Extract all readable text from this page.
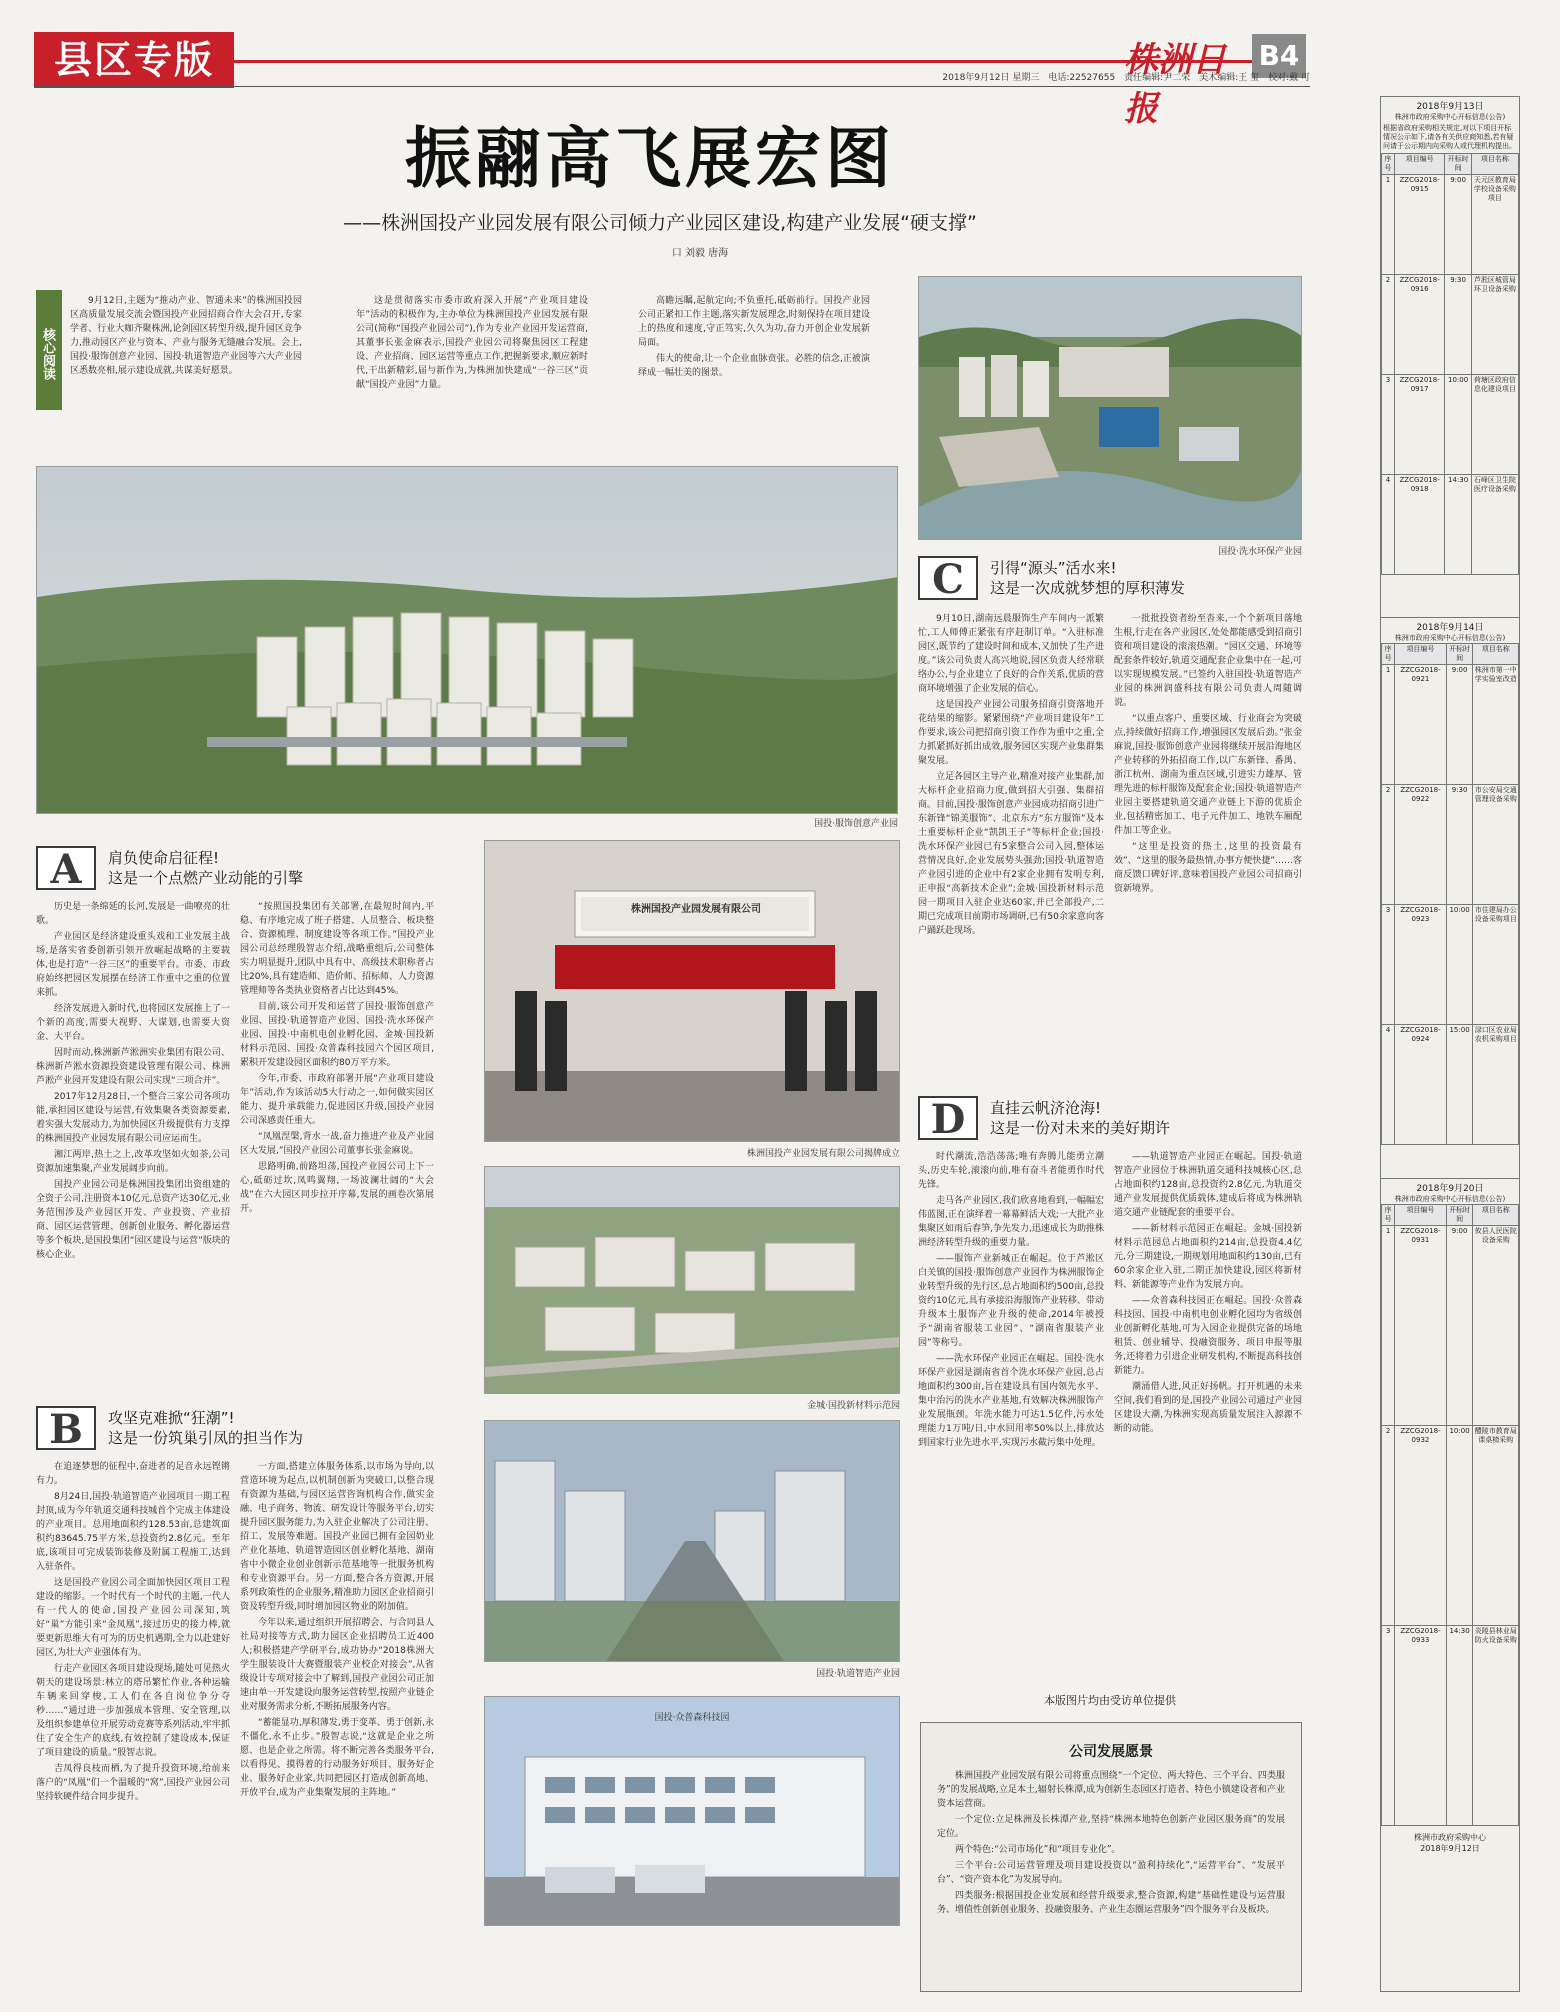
县区专版	株洲日报
B4
2018年9月12日 星期三　电话:22527655　责任编辑:尹二荣　美术编辑:王 玺　校对:戴 可
振翮高飞展宏图
——株洲国投产业园发展有限公司倾力产业园区建设,构建产业发展“硬支撑”
口 刘毅 唐海
核心阅读

9月12日,主题为“推动产业、智通未来”的株洲国投园区高质量发展交流会暨国投产业园招商合作大会召开,专家学者、行业大咖齐聚株洲,论剑园区转型升级,提升园区竞争力,推动园区产业与资本、产业与服务无缝融合发展。会上,国投·服饰创意产业园、国投·轨道智造产业园等六大产业园区悉数亮相,展示建设成就,共谋美好愿景。

这是贯彻落实市委市政府深入开展“产业项目建设年”活动的积极作为,主办单位为株洲国投产业园发展有限公司(简称“国投产业园公司”),作为专业产业园开发运营商,其董事长张金麻表示,国投产业园公司将聚焦园区工程建设、产业招商、园区运营等重点工作,把握新要求,顺应新时代,干出新精彩,届与新作为,为株洲加快建成“一谷三区”贡献“国投产业园”力量。

高瞻远瞩,起航定向;不负重托,砥砺前行。国投产业园公司正紧扣工作主题,落实新发展理念,时刻保持在项目建设上的热度和速度,守正笃实,久久为功,奋力开创企业发展新局面。

伟大的使命,让一个企业血脉贲张。必胜的信念,正被演绎成一幅壮美的图景。

国投·洗水环保产业园
国投·服饰创意产业园
A	肩负使命启征程!
这是一个点燃产业动能的引擎

历史是一条绵延的长河,发展是一曲嘹亮的壮歌。

产业园区是经济建设重头戏和工业发展主战场,是落实省委创新引领开放崛起战略的主要载体,也是打造“一谷三区”的重要平台。市委、市政府始终把园区发展摆在经济工作重中之重的位置来抓。

经济发展进入新时代,也将园区发展推上了一个新的高度,需要大视野、大谋划,也需要大资金、大平台。

因时而动,株洲新芦淞洲实业集团有限公司、株洲新芦淞水资源投资建设管理有限公司、株洲芦淞产业园开发建设有限公司实现“三项合并”。

2017年12月28日,一个整合三家公司各项功能,承担园区建设与运营,有效集聚各类资源要素,着实强大发展动力,为加快园区升级提供有力支撑的株洲国投产业园发展有限公司应运而生。

湘江两岸,热土之上,改革攻坚如火如荼,公司资源加速集聚,产业发展阔步向前。

国投产业园公司是株洲国投集团出资组建的全资子公司,注册资本10亿元,总资产达30亿元,业务范围涉及产业园区开发、产业投资、产业招商、园区运营管理、创新创业服务、孵化器运营等多个板块,是国投集团“园区建设与运营”版块的核心企业。

“按照国投集团有关部署,在最短时间内,平稳、有序地完成了班子搭建、人员整合、板块整合、资源梳理、制度建设等各项工作。”国投产业园公司总经理殷智志介绍,战略重组后,公司整体实力明显提升,团队中具有中、高级技术职称者占比20%,具有建造师、造价师、招标师、人力资源管理师等各类执业资格者占比达到45%。

目前,该公司开发和运营了国投·服饰创意产业园、国投·轨道智造产业园、国投·洗水环保产业园、国投·中南机电创业孵化园、金城·国投新材料示范园、国投·众普森科技园六个园区项目,累积开发建设园区面积约80万平方米。

今年,市委、市政府部署开展“产业项目建设年”活动,作为该活动5大行动之一,如何做实园区能力、提升承载能力,促进园区升级,国投产业园公司深感责任重大。

“凤凰涅槃,背水一战,奋力推进产业及产业园区大发展,”国投产业园公司董事长张金麻说。

思路明确,前路坦荡,国投产业园公司上下一心,砥砺过坎,凤鸣翼翔,一场波澜壮阔的“大会战”在六大园区同步拉开序幕,发展的画卷次第展开。

株洲国投产业园发展有限公司
株洲国投产业园发展有限公司揭牌成立
金城·国投新材料示范园
国投·轨道智造产业园
国投·众普森科技园
B	攻坚克难掀“狂潮”!
这是一份筑巢引凤的担当作为

在追逐梦想的征程中,奋进者的足音永远铿锵有力。

8月24日,国投·轨道智造产业园项目一期工程封顶,成为今年轨道交通科技城首个完成主体建设的产业项目。总用地面积约128.53亩,总建筑面积约83645.75平方米,总投资约2.8亿元。至年底,该项目可完成装饰装修及附属工程施工,达到入驻条件。

这是国投产业园公司全面加快园区项目工程建设的缩影。一个时代有一个时代的主题,一代人有一代人的使命,国投产业园公司深知,筑好“巢”方能引来“金凤凰”,接过历史的接力棒,就要更新思维大有可为的历史机遇期,全力以赴建好园区,为壮大产业强体有为。

行走产业园区各项目建设现场,随处可见热火朝天的建设场景:林立的塔吊繁忙作业,各种运输车辆来回穿梭,工人们在各自岗位争分夺秒……“通过进一步加强成本管理、安全管理,以及组织参建单位开展劳动竞赛等系列活动,牢牢抓住了安全生产的底线,有效控制了建设成本,保证了项目建设的质量。”殷智志说。

吉凤得良枝而栖,为了提升投资环境,给前来落户的“凤凰”们一个温暖的“窝”,国投产业园公司坚持软硬件结合同步提升。

一方面,搭建立体服务体系,以市场为导向,以营造环境为起点,以机制创新为突破口,以整合现有资源为基础,与园区运营咨询机构合作,做实金融、电子商务、物流、研发设计等服务平台,切实提升园区服务能力,为入驻企业解决了公司注册、招工、发展等难题。国投产业园已拥有金园奶业产业化基地、轨道智造园区创业孵化基地、湖南省中小微企业创业创新示范基地等一批服务机构和专业资源平台。另一方面,整合各方资源,开展系列政策性的企业服务,精准助力园区企业招商引资及转型升级,同时增加园区物业的附加值。

今年以来,通过组织开展招聘会、与合同县人社局对接等方式,助力园区企业招聘员工近400人;积极搭建产学研平台,成功协办“2018株洲大学生服装设计大赛暨服装产业校企对接会”,从省级设计专项对接会中了解到,国投产业园公司正加速由单一开发建设向服务运营转型,按照产业链企业对服务需求分析,不断拓展服务内容。

“蓄能显功,厚积薄发,勇于变革、勇于创新,永不僵化,永不止步。”殷智志说,“这就是企业之所愿、也是企业之所需。将不断完善各类服务平台,以看得见、摸得着的行动服务好项目、服务好企业、服务好企业家,共同把园区打造成创新高地、开放平台,成为产业集聚发展的主阵地。”

C	引得“源头”活水来!
这是一次成就梦想的厚积薄发

9月10日,湖南远晨服饰生产车间内一派繁忙,工人师傅正紧张有序赶制订单。“入驻标准园区,既节约了建设时间和成本,又加快了生产进度。”该公司负责人高兴地说,园区负责人经常联络办公,与企业建立了良好的合作关系,优质的营商环境增强了企业发展的信心。

这是国投产业园公司服务招商引资落地开花结果的缩影。紧紧围绕“产业项目建设年”工作要求,该公司把招商引资工作作为重中之重,全力抓紧抓好抓出成效,服务园区实现产业集群集聚发展。

立足各园区主导产业,精准对接产业集群,加大标杆企业招商力度,做到招大引强、集群招商。目前,国投·服饰创意产业园成功招商引进广东新锋“锦美服饰”、北京东方“东方服饰”及本土重要标杆企业“凯凯王子”等标杆企业;国投·洗水环保产业园已有5家整合公司入园,整体运营情况良好,企业发展势头强劲;国投·轨道智造产业园引进的企业中有2家企业拥有发明专利,正申报“高新技术企业”;金城·国投新材料示范园一期项目入驻企业达60家,并已全部投产,二期已完成项目前期市场调研,已有50余家意向客户踊跃赴现场。

一批批投资者纷至沓来,一个个新项目落地生根,行走在各产业园区,处处都能感受到招商引资和项目建设的滚滚热潮。“园区交通、环境等配套条件较好,轨道交通配套企业集中在一起,可以实现规模发展。”已签约入驻国投·轨道智造产业园的株洲润盛科技有限公司负责人周随调说。

“以重点客户、重要区域、行业商会为突破点,持续做好招商工作,增强园区发展后劲。”张金麻说,国投·服饰创意产业园将继续开展沿海地区产业转移的外拓招商工作,以广东新锋、番禺、浙江杭州、湖南为重点区域,引进实力雄厚、管理先进的标杆服饰及配套企业;国投·轨道智造产业园主要搭建轨道交通产业链上下游的优质企业,包括精密加工、电子元件加工、地铁车厢配件加工等企业。

“这里是投资的热土,这里的投资最有效”、“这里的服务最热情,办事方便快捷”……客商反馈口碑好评,意味着国投产业园公司招商引资新境界。

D	直挂云帆济沧海!
这是一份对未来的美好期许

时代潮流,浩浩荡荡;唯有奔腾儿能勇立潮头,历史车轮,滚滚向前,唯有奋斗者能勇作时代先锋。

走马各产业园区,我们欣喜地看到,一幅幅宏伟蓝图,正在演绎着一幕幕鲜活大戏;一大批产业集聚区如雨后春笋,争先发力,迅速成长为助推株洲经济转型升级的重要力量。

——服饰产业新城正在崛起。位于芦淞区白关镇的国投·服饰创意产业园作为株洲服饰企业转型升级的先行区,总占地面积约500亩,总投资约10亿元,具有承接沿海服饰产业转移、带动升级本土服饰产业升级的使命,2014年被授予“湖南省服装工业园”、“湖南省服装产业园”等称号。

——洗水环保产业园正在崛起。国投·洗水环保产业园是湖南省首个洗水环保产业园,总占地面积约300亩,旨在建设具有国内领先水平、集中治污的洗水产业基地,有效解决株洲服饰产业发展瓶颈。年洗水能力可达1.5亿件,污水处理能力1万吨/日,中水回用率50%以上,排放达到国家行业先进水平,实现污水截污集中处理。

——轨道智造产业园正在崛起。国投·轨道智造产业园位于株洲轨道交通科技城核心区,总占地面积约128亩,总投资约2.8亿元,为轨道交通产业发展提供优质载体,建成后将成为株洲轨道交通产业链配套的重要平台。

——新材料示范园正在崛起。金城·国投新材料示范园总占地面积约214亩,总投资4.4亿元,分三期建设,一期规划用地面积约130亩,已有60余家企业入驻,二期正加快建设,园区将新材料、新能源等产业作为发展方向。

——众普森科技园正在崛起。国投·众普森科技园、国投·中南机电创业孵化园均为省级创业创新孵化基地,可为入园企业提供完备的场地租赁、创业辅导、投融资服务、项目申报等服务,还将着力引进企业研发机构,不断提高科技创新能力。

潮涌借人进,风正好扬帆。打开机遇的未来空间,我们看到的是,国投产业园公司通过产业园区建设大潮,为株洲实现高质量发展注入源源不断的动能。

本版图片均由受访单位提供
公司发展愿景

株洲国投产业园发展有限公司将重点围绕“一个定位、两大特色、三个平台、四类服务”的发展战略,立足本土,辐射长株潭,成为创新生态园区打造者、特色小镇建设者和产业资本运营商。

一个定位:立足株洲及长株潭产业,坚持“株洲本地特色创新产业园区服务商”的发展定位。

两个特色:“公司市场化”和“项目专业化”。

三个平台:公司运营管理及项目建设投资以“盈利持续化”,“运营平台”、“发展平台”、“资产资本化”为发展导向。

四类服务:根据国投企业发展和经营升级要求,整合资源,构建“基础性建设与运营服务、增值性创新创业服务、投融资服务、产业生态圈运营服务”四个服务平台及板块。

2018年9月13日
株洲市政府采购中心开标信息(公告)
根据省政府采购相关规定,对以下项目开标情况公示如下,请各有关供应商知悉,若有疑问请于公示期内向采购人或代理机构提出。
序号	项目编号	开标时间	项目名称
1	ZZCG2018-0915	9:00	天元区教育局学校设备采购项目
2	ZZCG2018-0916	9:30	芦淞区城管局环卫设备采购
3	ZZCG2018-0917	10:00	荷塘区政府信息化建设项目
4	ZZCG2018-0918	14:30	石峰区卫生院医疗设备采购
2018年9月14日
株洲市政府采购中心开标信息(公告)
序号	项目编号	开标时间	项目名称
1	ZZCG2018-0921	9:00	株洲市第一中学实验室改造
2	ZZCG2018-0922	9:30	市公安局交通管理设备采购
3	ZZCG2018-0923	10:00	市住建局办公设备采购项目
4	ZZCG2018-0924	15:00	渌口区农业局农机采购项目
2018年9月20日
株洲市政府采购中心开标信息(公告)
序号	项目编号	开标时间	项目名称
1	ZZCG2018-0931	9:00	攸县人民医院设备采购
2	ZZCG2018-0932	10:00	醴陵市教育局课桌椅采购
3	ZZCG2018-0933	14:30	炎陵县林业局防火设备采购
株洲市政府采购中心
2018年9月12日
